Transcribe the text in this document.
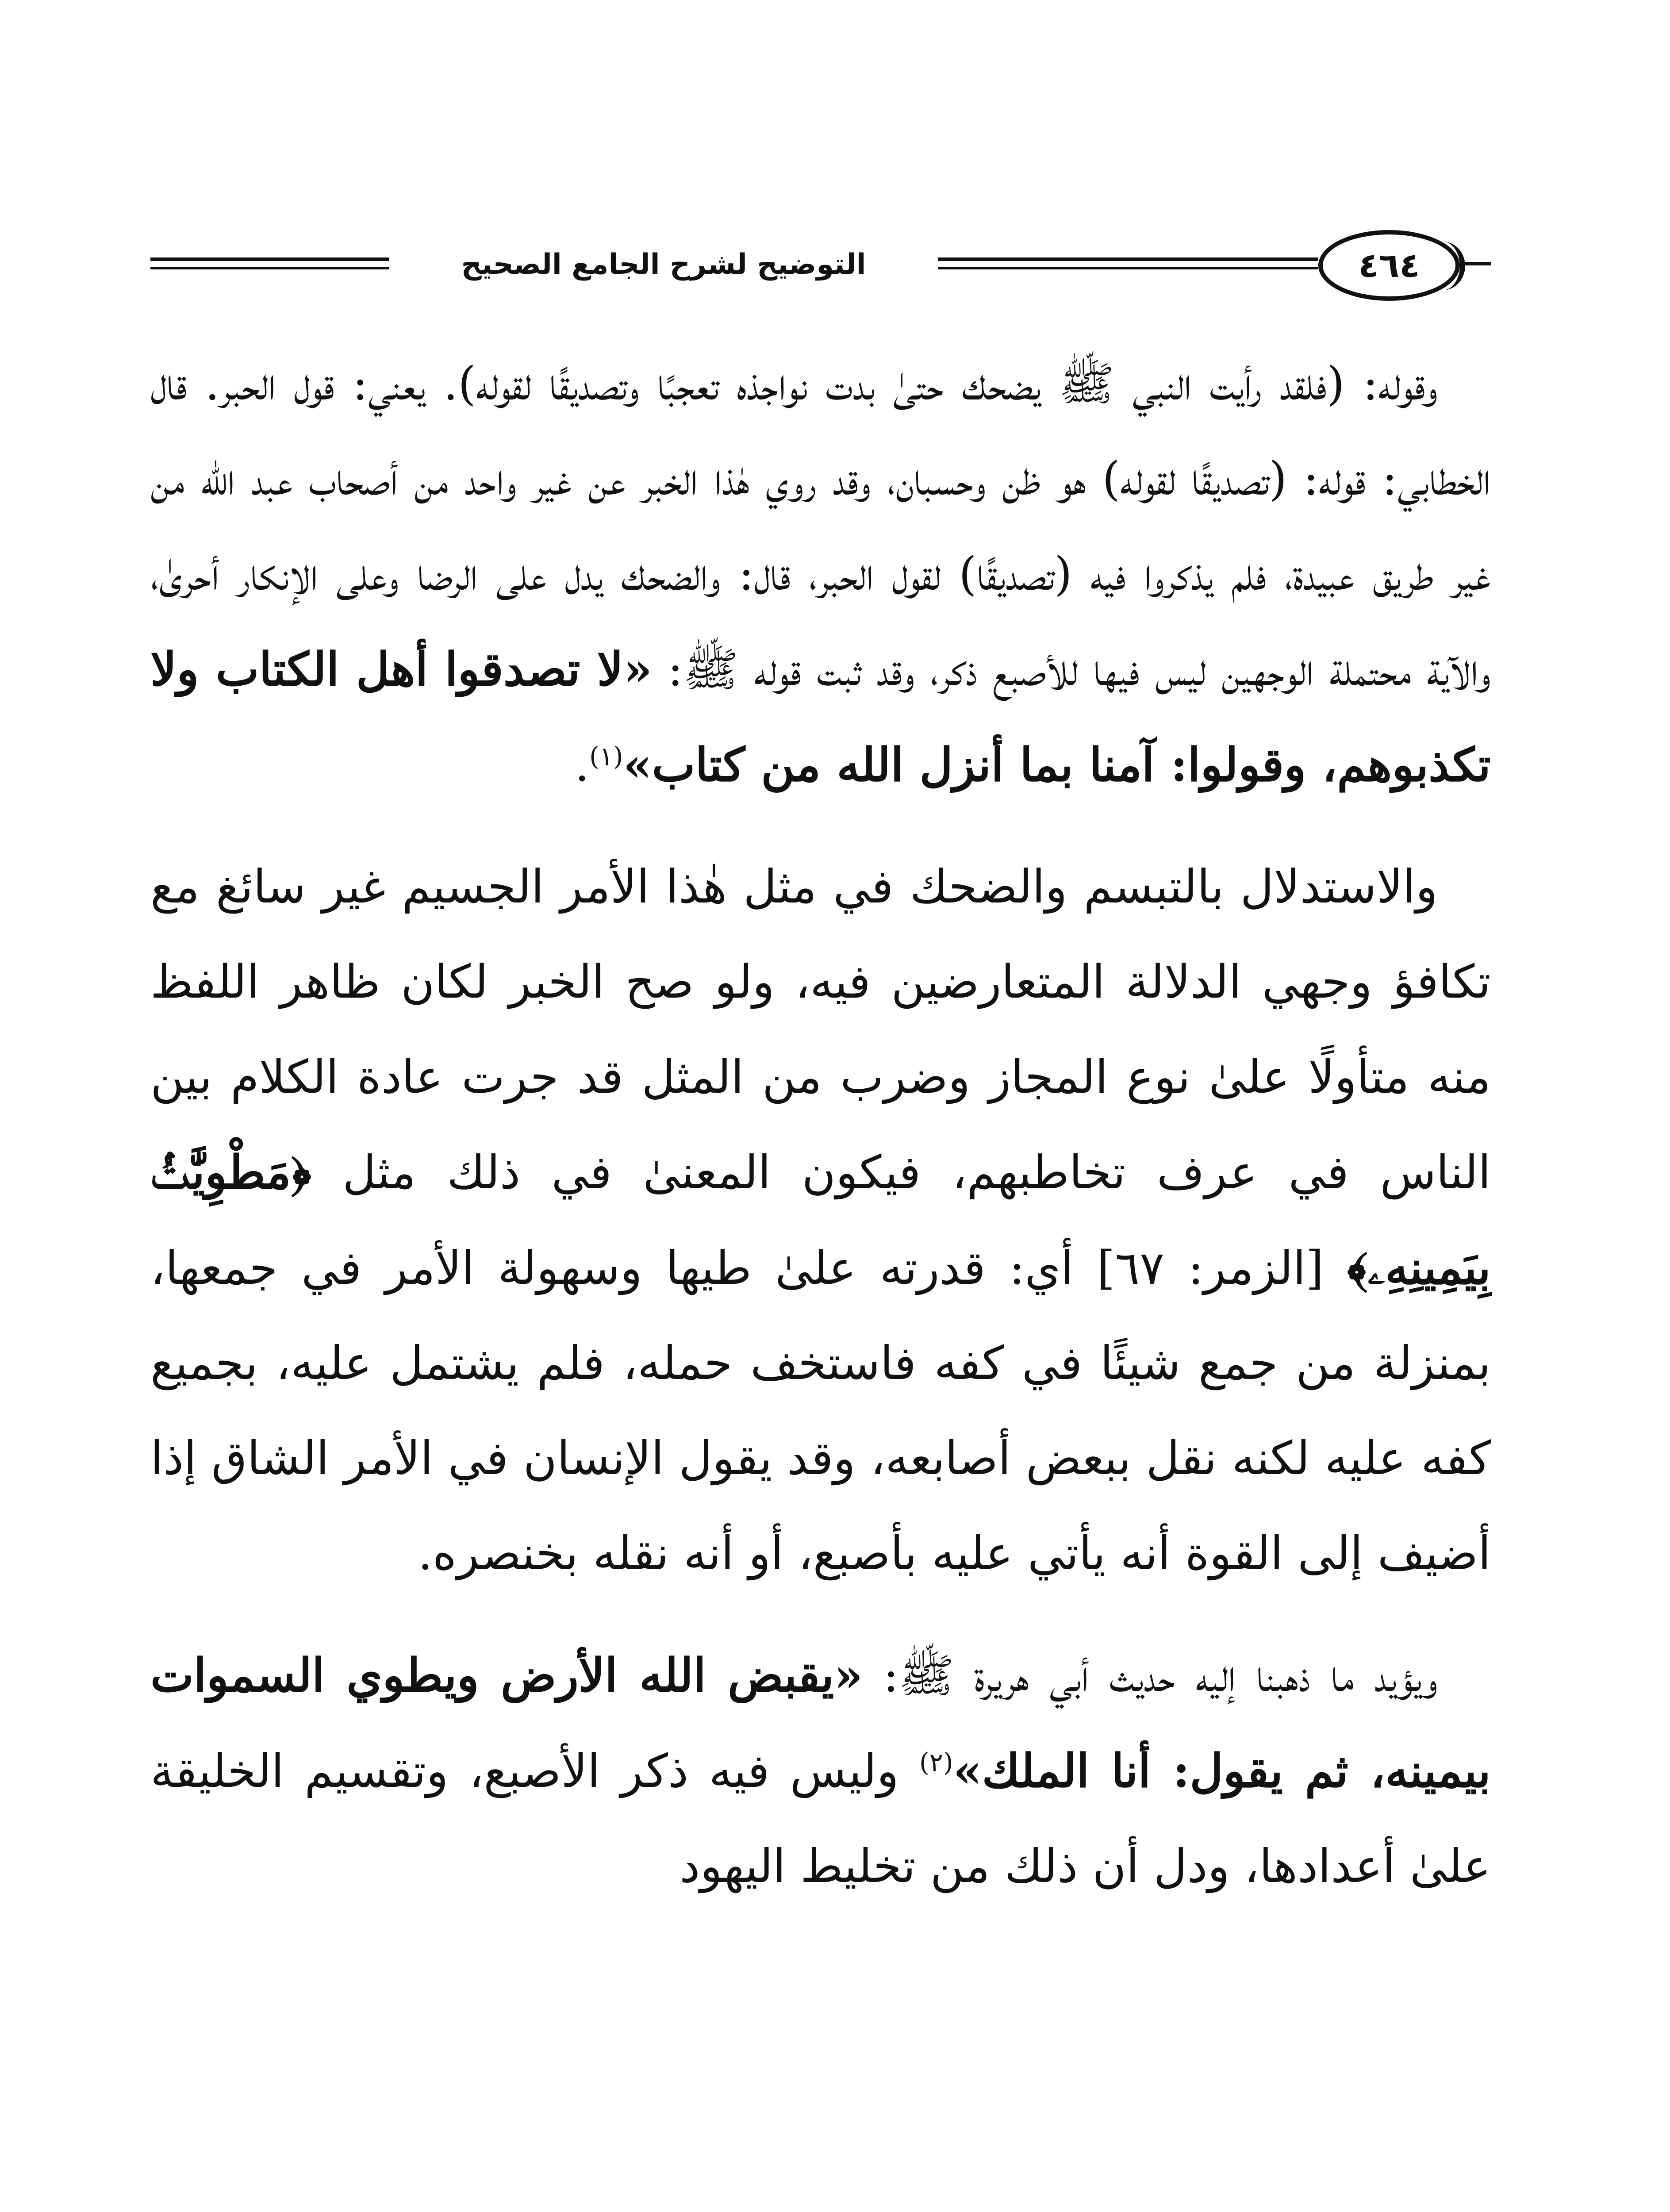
التوضيح لشرح الجامع الصحيح	٤٦٤

وقوله: (فلقد رأيت النبي ﷺ يضحك حتىٰ بدت نواجذه تعجبًا وتصديقًا لقوله). يعني: قول الحبر. قال الخطابي: قوله: (تصديقًا لقوله) هو ظن وحسبان، وقد روي هٰذا الخبر عن غير واحد من أصحاب عبد الله من غير طريق عبيدة، فلم يذكروا فيه (تصديقًا) لقول الحبر، قال: والضحك يدل على الرضا وعلى الإنكار أحرىٰ، والآية محتملة الوجهين ليس فيها للأصبع ذكر، وقد ثبت قوله ﷺ: «لا تصدقوا أهل الكتاب ولا تكذبوهم، وقولوا: آمنا بما أنزل الله من كتاب»$^{(١)}$.

والاستدلال بالتبسم والضحك في مثل هٰذا الأمر الجسيم غير سائغ مع تكافؤ وجهي الدلالة المتعارضين فيه، ولو صح الخبر لكان ظاهر اللفظ منه متأولًا علىٰ نوع المجاز وضرب من المثل قد جرت عادة الكلام بين الناس في عرف تخاطبهم، فيكون المعنىٰ في ذلك مثل ﴿مَطْوِيَّٰتُۢ بِيَمِينِهِۦ﴾ [الزمر: ٦٧] أي: قدرته علىٰ طيها وسهولة الأمر في جمعها، بمنزلة من جمع شيئًا في كفه فاستخف حمله، فلم يشتمل عليه، بجميع كفه عليه لكنه نقل ببعض أصابعه، وقد يقول الإنسان في الأمر الشاق إذا أضيف إلى القوة أنه يأتي عليه بأصبع، أو أنه نقله بخنصره.

ويؤيد ما ذهبنا إليه حديث أبي هريرة ﷺ: «يقبض الله الأرض ويطوي السموات بيمينه، ثم يقول: أنا الملك»$^{(٢)}$ وليس فيه ذكر الأصبع، وتقسيم الخليقة علىٰ أعدادها، ودل أن ذلك من تخليط اليهود
